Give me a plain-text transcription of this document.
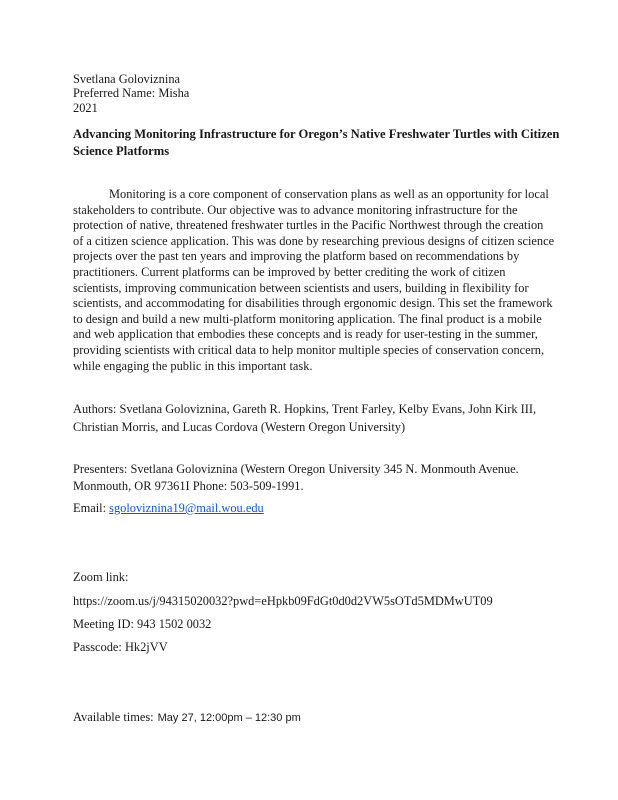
Svetlana Goloviznina
Preferred Name: Misha
2021
Advancing Monitoring Infrastructure for Oregon’s Native Freshwater Turtles with Citizen
Science Platforms
Monitoring is a core component of conservation plans as well as an opportunity for local
stakeholders to contribute. Our objective was to advance monitoring infrastructure for the
protection of native, threatened freshwater turtles in the Pacific Northwest through the creation
of a citizen science application. This was done by researching previous designs of citizen science
projects over the past ten years and improving the platform based on recommendations by
practitioners. Current platforms can be improved by better crediting the work of citizen
scientists, improving communication between scientists and users, building in flexibility for
scientists, and accommodating for disabilities through ergonomic design. This set the framework
to design and build a new multi-platform monitoring application. The final product is a mobile
and web application that embodies these concepts and is ready for user-testing in the summer,
providing scientists with critical data to help monitor multiple species of conservation concern,
while engaging the public in this important task.
Authors: Svetlana Goloviznina, Gareth R. Hopkins, Trent Farley, Kelby Evans, John Kirk III,
Christian Morris, and Lucas Cordova (Western Oregon University)
Presenters: Svetlana Goloviznina (Western Oregon University 345 N. Monmouth Avenue.
Monmouth, OR 97361I Phone: 503-509-1991.
Email: sgoloviznina19@mail.wou.edu
Zoom link:
https://zoom.us/j/94315020032?pwd=eHpkb09FdGt0d0d2VW5sOTd5MDMwUT09
Meeting ID: 943 1502 0032
Passcode: Hk2jVV
Available times: May 27, 12:00pm – 12:30 pm
